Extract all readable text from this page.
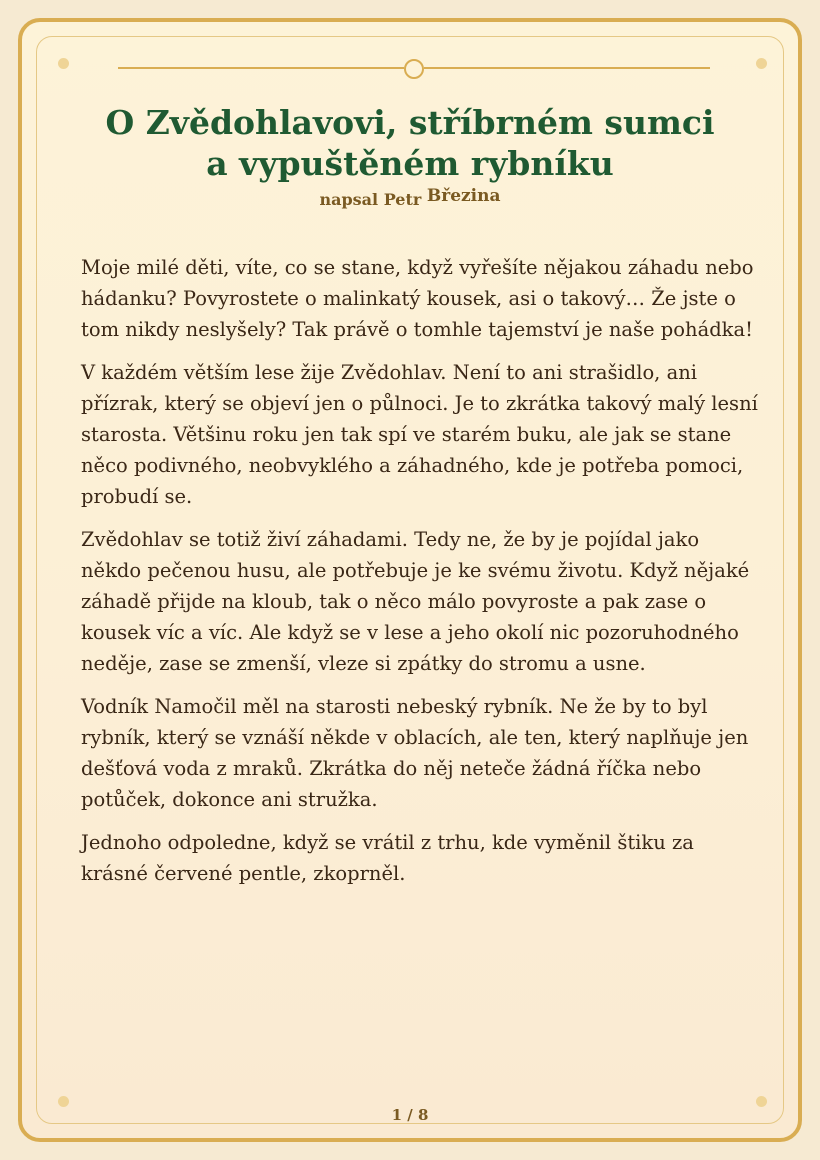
O Zvědohlavovi, stříbrném sumci
a vypuštěném rybníku
napsal Petr Březina

Moje milé děti, víte, co se stane, když vyřešíte nějakou záhadu nebo hádanku? Povyrostete o malinkatý kousek, asi o takový… Že jste o tom nikdy neslyšely? Tak právě o tomhle tajemství je naše pohádka!

V každém větším lese žije Zvědohlav. Není to ani strašidlo, ani přízrak, který se objeví jen o půlnoci. Je to zkrátka takový malý lesní starosta. Většinu roku jen tak spí ve starém buku, ale jak se stane něco podivného, neobvyklého a záhadného, kde je potřeba pomoci, probudí se.

Zvědohlav se totiž živí záhadami. Tedy ne, že by je pojídal jako někdo pečenou husu, ale potřebuje je ke svému životu. Když nějaké záhadě přijde na kloub, tak o něco málo povyroste a pak zase o kousek víc a víc. Ale když se v lese a jeho okolí nic pozoruhodného neděje, zase se zmenší, vleze si zpátky do stromu a usne.

Vodník Namočil měl na starosti nebeský rybník. Ne že by to byl rybník, který se vznáší někde v oblacích, ale ten, který naplňuje jen dešťová voda z mraků. Zkrátka do něj neteče žádná říčka nebo potůček, dokonce ani stružka.

Jednoho odpoledne, když se vrátil z trhu, kde vyměnil štiku za krásné červené pentle, zkoprněl.

1 / 8
